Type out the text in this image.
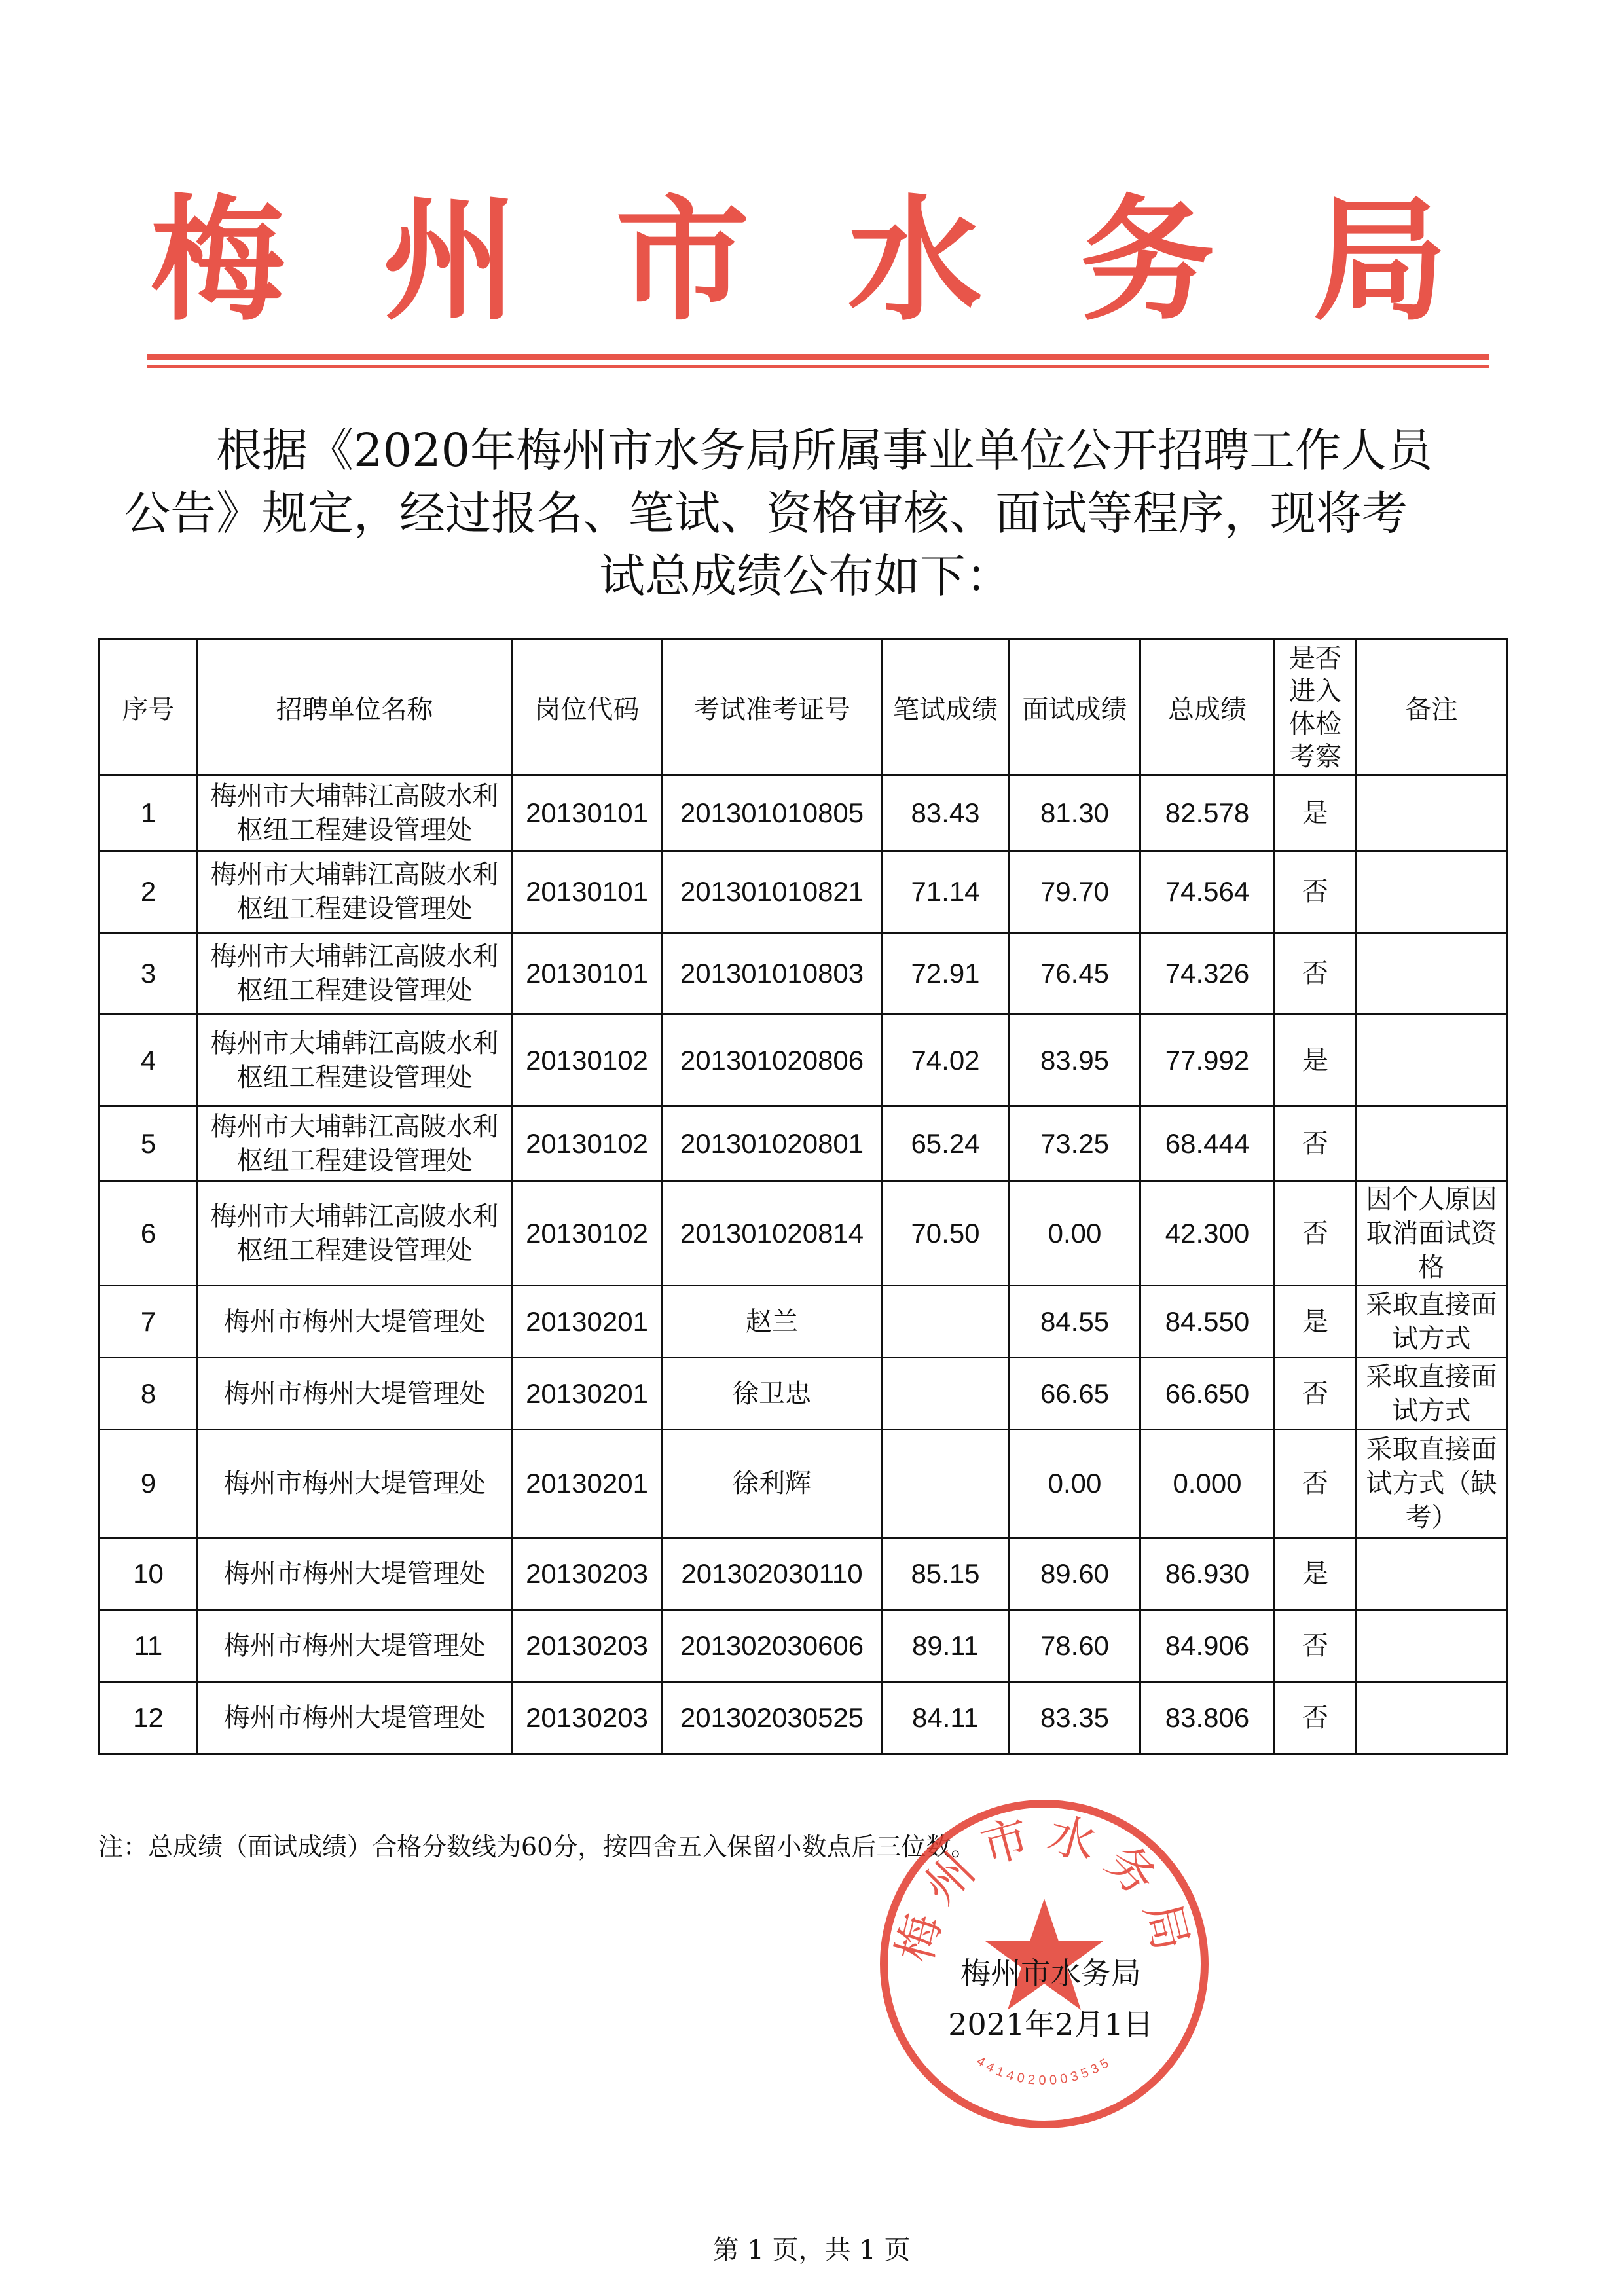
梅 州 市 水 务 局

根据《2020年梅州市水务局所属事业单位公开招聘工作人员

公告》规定，经过报名、笔试、资格审核、面试等程序，现将考

试总成绩公布如下：

序号	招聘单位名称	岗位代码	考试准考证号	笔试成绩	面试成绩	总成绩	是否进入体检考察	备注
1	梅州市大埔韩江高陂水利枢纽工程建设管理处	20130101	201301010805	83.43	81.30	82.578	是	
2	梅州市大埔韩江高陂水利枢纽工程建设管理处	20130101	201301010821	71.14	79.70	74.564	否	
3	梅州市大埔韩江高陂水利枢纽工程建设管理处	20130101	201301010803	72.91	76.45	74.326	否	
4	梅州市大埔韩江高陂水利枢纽工程建设管理处	20130102	201301020806	74.02	83.95	77.992	是	
5	梅州市大埔韩江高陂水利枢纽工程建设管理处	20130102	201301020801	65.24	73.25	68.444	否	
6	梅州市大埔韩江高陂水利枢纽工程建设管理处	20130102	201301020814	70.50	0.00	42.300	否	因个人原因取消面试资格
7	梅州市梅州大堤管理处	20130201	赵兰		84.55	84.550	是	采取直接面试方式
8	梅州市梅州大堤管理处	20130201	徐卫忠		66.65	66.650	否	采取直接面试方式
9	梅州市梅州大堤管理处	20130201	徐利辉		0.00	0.000	否	采取直接面试方式（缺考）
10	梅州市梅州大堤管理处	20130203	201302030110	85.15	89.60	86.930	是	
11	梅州市梅州大堤管理处	20130203	201302030606	89.11	78.60	84.906	否	
12	梅州市梅州大堤管理处	20130203	201302030525	84.11	83.35	83.806	否	
注：总成绩（面试成绩）合格分数线为60分，按四舍五入保留小数点后三位数。
梅州市水务局
4414020003535
梅州市水务局
2021年2月1日
第 1 页，共 1 页
